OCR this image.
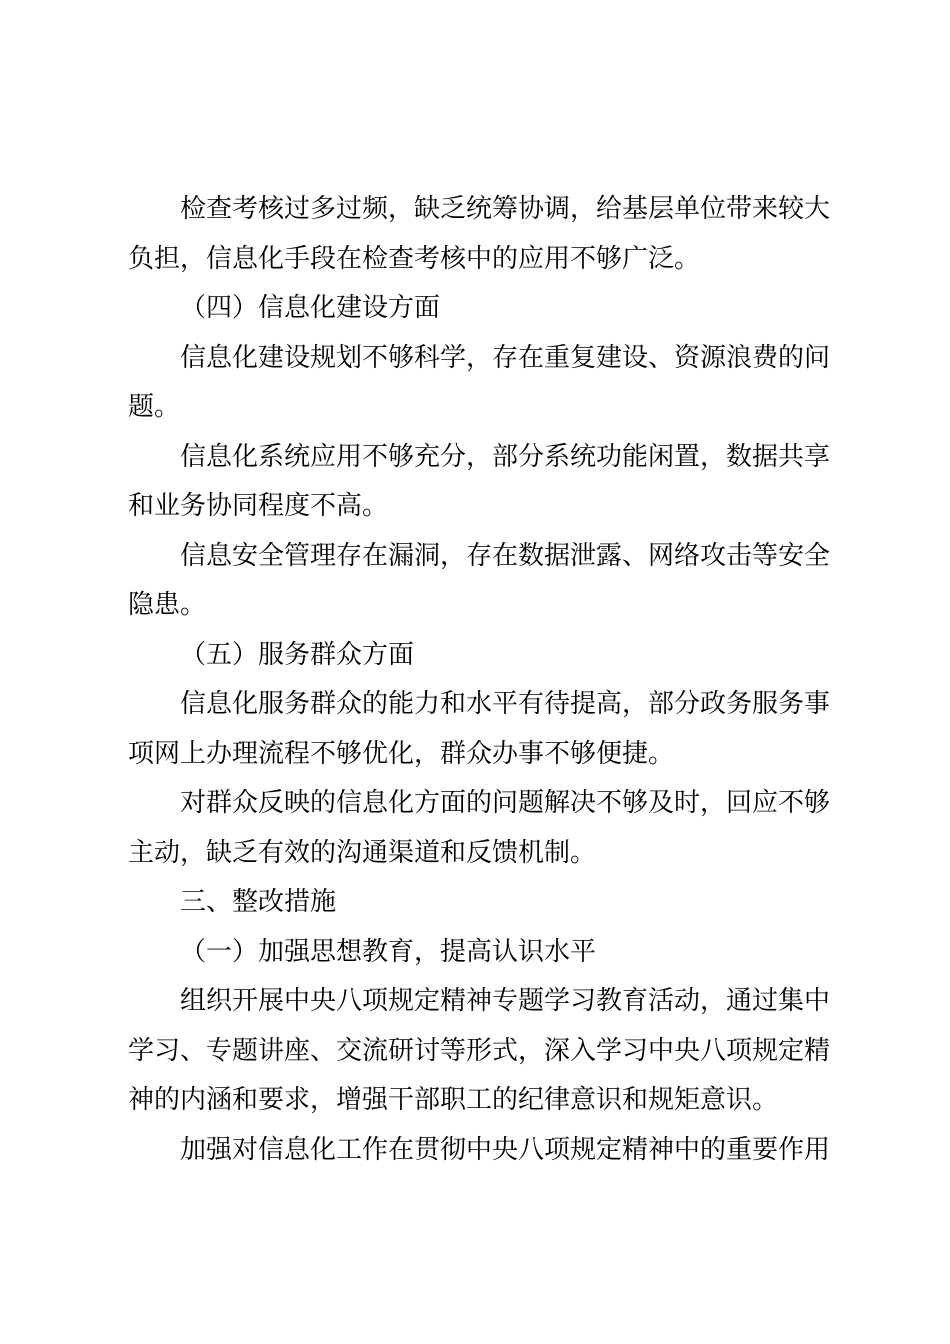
检查考核过多过频，缺乏统筹协调，给基层单位带来较大
负担，信息化手段在检查考核中的应用不够广泛。
（四）信息化建设方面
信息化建设规划不够科学，存在重复建设、资源浪费的问
题。
信息化系统应用不够充分，部分系统功能闲置，数据共享
和业务协同程度不高。
信息安全管理存在漏洞，存在数据泄露、网络攻击等安全
隐患。
（五）服务群众方面
信息化服务群众的能力和水平有待提高，部分政务服务事
项网上办理流程不够优化，群众办事不够便捷。
对群众反映的信息化方面的问题解决不够及时，回应不够
主动，缺乏有效的沟通渠道和反馈机制。
三、整改措施
（一）加强思想教育，提高认识水平
组织开展中央八项规定精神专题学习教育活动，通过集中
学习、专题讲座、交流研讨等形式，深入学习中央八项规定精
神的内涵和要求，增强干部职工的纪律意识和规矩意识。
加强对信息化工作在贯彻中央八项规定精神中的重要作用
